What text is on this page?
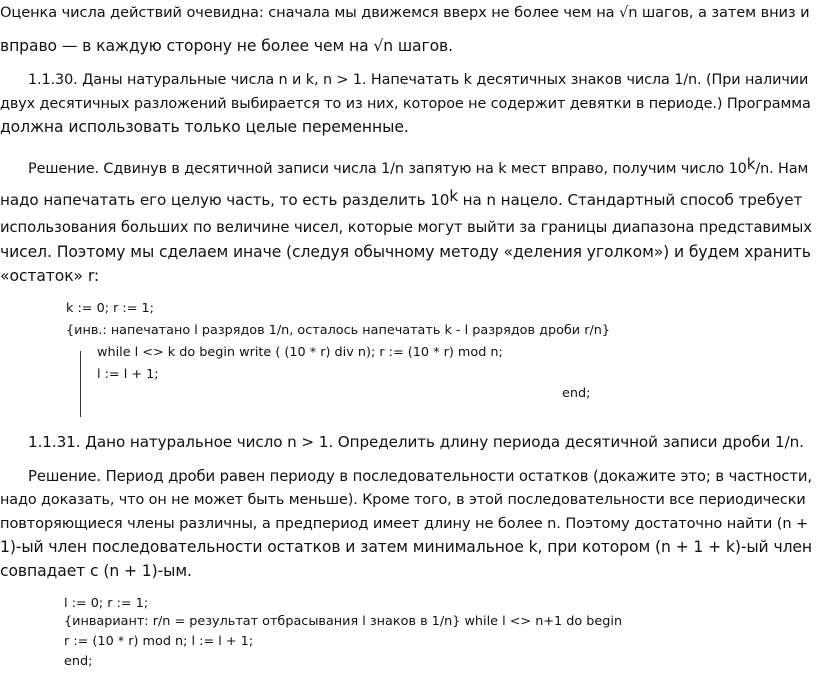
Оценка числа действий очевидна: сначала мы движемся вверх не более чем на √n шагов, а затем вниз и
вправо — в каждую сторону не более чем на √n шагов.
1.1.30. Даны натуральные числа n и k, n > 1. Напечатать k десятичных знаков числа 1/n. (При наличии
двух десятичных разложений выбирается то из них, которое не содержит девятки в периоде.) Программа
должна использовать только целые переменные.
Решение. Сдвинув в десятичной записи числа 1/n запятую на k мест вправо, получим число 10$^k$/n. Нам
надо напечатать его целую часть, то есть разделить 10$^k$ на n нацело. Стандартный способ требует
использования больших по величине чисел, которые могут выйти за границы диапазона представимых
чисел. Поэтому мы сделаем иначе (следуя обычному методу «деления уголком») и будем хранить
«остаток» r:
k := 0; r := 1;
{инв.: напечатано l разрядов 1/n, осталось напечатать k - l разрядов дроби r/n}
while l <> k do begin write ( (10 * r) div n); r := (10 * r) mod n;
l := l + 1;
end;
1.1.31. Дано натуральное число n > 1. Определить длину периода десятичной записи дроби 1/n.
Решение. Период дроби равен периоду в последовательности остатков (докажите это; в частности,
надо доказать, что он не может быть меньше). Кроме того, в этой последовательности все периодически
повторяющиеся члены различны, а предпериод имеет длину не более n. Поэтому достаточно найти (n +
1)-ый член последовательности остатков и затем минимальное k, при котором (n + 1 + k)-ый член
совпадает с (n + 1)-ым.
l := 0; r := 1;
{инвариант: r/n = результат отбрасывания l знаков в 1/n} while l <> n+1 do begin
r := (10 * r) mod n; l := l + 1;
end;
